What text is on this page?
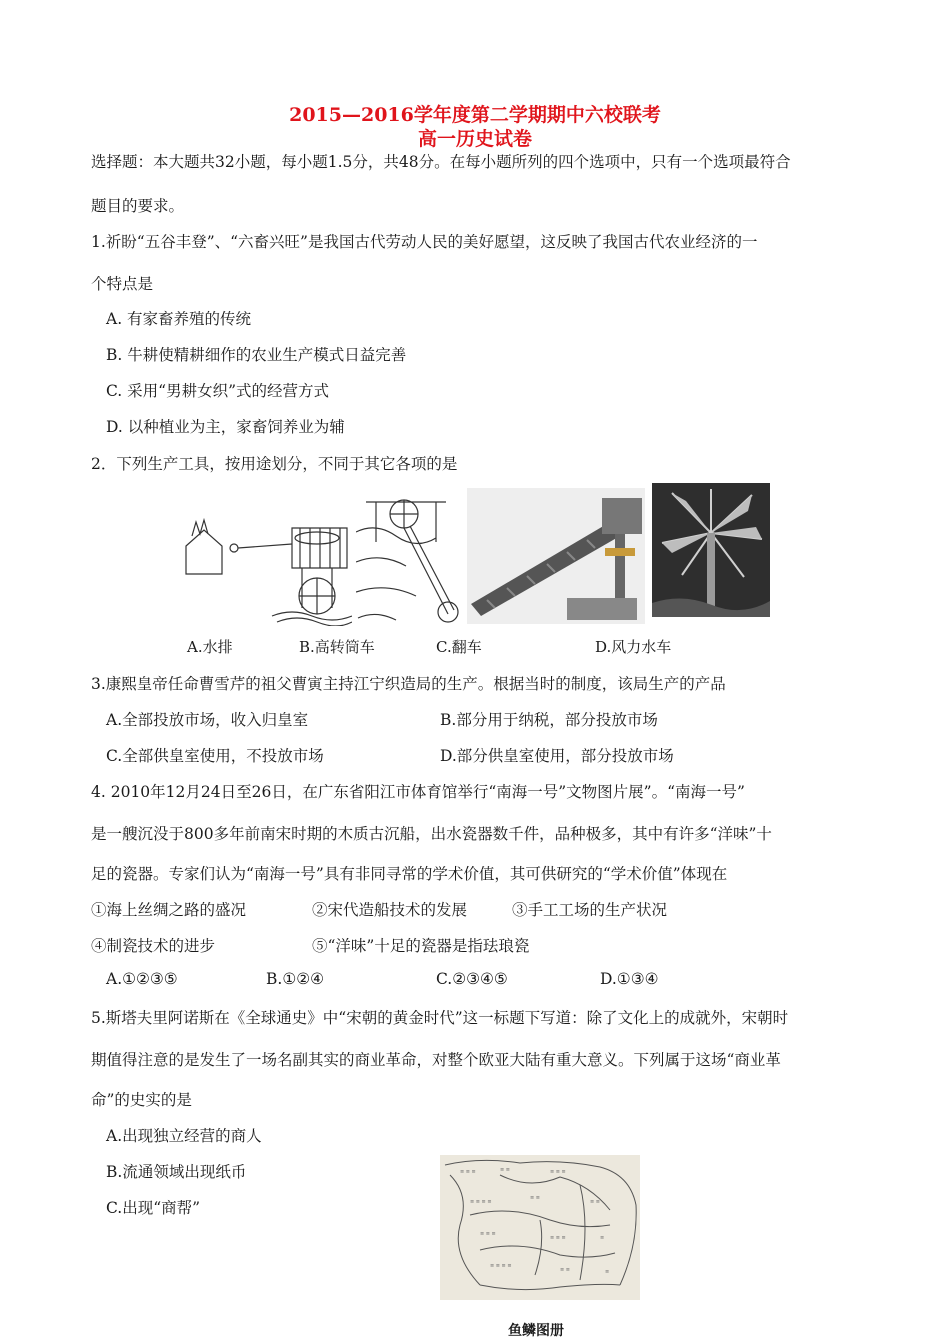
2015—2016学年度第二学期期中六校联考
高一历史试卷
选择题：本大题共32小题，每小题1.5分，共48分。在每小题所列的四个选项中，只有一个选项最符合
题目的要求。
1.祈盼“五谷丰登”、“六畜兴旺”是我国古代劳动人民的美好愿望，这反映了我国古代农业经济的一
个特点是
A. 有家畜养殖的传统
B. 牛耕使精耕细作的农业生产模式日益完善
C. 采用“男耕女织”式的经营方式
D. 以种植业为主，家畜饲养业为辅
2．下列生产工具，按用途划分，不同于其它各项的是
A.水排	B.高转筒车	C.翻车	D.风力水车
3.康熙皇帝任命曹雪芹的祖父曹寅主持江宁织造局的生产。根据当时的制度，该局生产的产品
A.全部投放市场，收入归皇室	B.部分用于纳税，部分投放市场
C.全部供皇室使用，不投放市场	D.部分供皇室使用，部分投放市场
4. 2010年12月24日至26日，在广东省阳江市体育馆举行“南海一号”文物图片展”。“南海一号”
是一艘沉没于800多年前南宋时期的木质古沉船，出水瓷器数千件，品种极多，其中有许多“洋味”十
足的瓷器。专家们认为“南海一号”具有非同寻常的学术价值，其可供研究的“学术价值”体现在
①海上丝绸之路的盛况	②宋代造船技术的发展	③手工工场的生产状况
④制瓷技术的进步	⑤“洋味”十足的瓷器是指珐琅瓷
A.①②③⑤	B.①②④	C.②③④⑤	D.①③④
5.斯塔夫里阿诺斯在《全球通史》中“宋朝的黄金时代”这一标题下写道：除了文化上的成就外，宋朝时
期值得注意的是发生了一场名副其实的商业革命，对整个欧亚大陆有重大意义。下列属于这场“商业革
命”的史实的是
A.出现独立经营的商人
B.流通领域出现纸币
C.出现“商帮”
≡ ≡ ≡	≡ ≡	≡ ≡ ≡
≡ ≡ ≡ ≡
≡ ≡
≡ ≡
≡ ≡ ≡
≡ ≡ ≡	≡
≡ ≡ ≡ ≡
≡ ≡	≡
鱼鳞图册
